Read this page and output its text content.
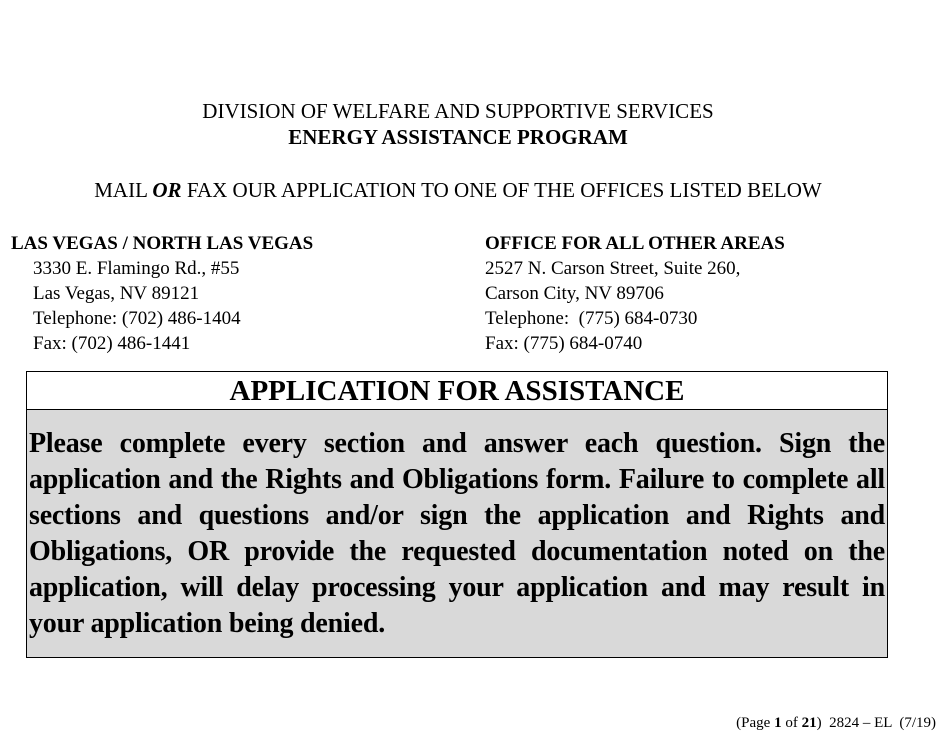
DIVISION OF WELFARE AND SUPPORTIVE SERVICES
ENERGY ASSISTANCE PROGRAM
MAIL OR FAX OUR APPLICATION TO ONE OF THE OFFICES LISTED BELOW
LAS VEGAS / NORTH LAS VEGAS
3330 E. Flamingo Rd., #55
Las Vegas, NV 89121
Telephone: (702) 486-1404
Fax: (702) 486-1441
OFFICE FOR ALL OTHER AREAS
2527 N. Carson Street, Suite 260,
Carson City, NV 89706
Telephone:  (775) 684-0730
Fax: (775) 684-0740
APPLICATION FOR ASSISTANCE
Please complete every section and answer each question. Sign the application and the Rights and Obligations form. Failure to complete all sections and questions and/or sign the application and Rights and Obligations, OR provide the requested documentation noted on the application, will delay processing your application and may result in your application being denied.
(Page 1 of 21)  2824 – EL  (7/19)
